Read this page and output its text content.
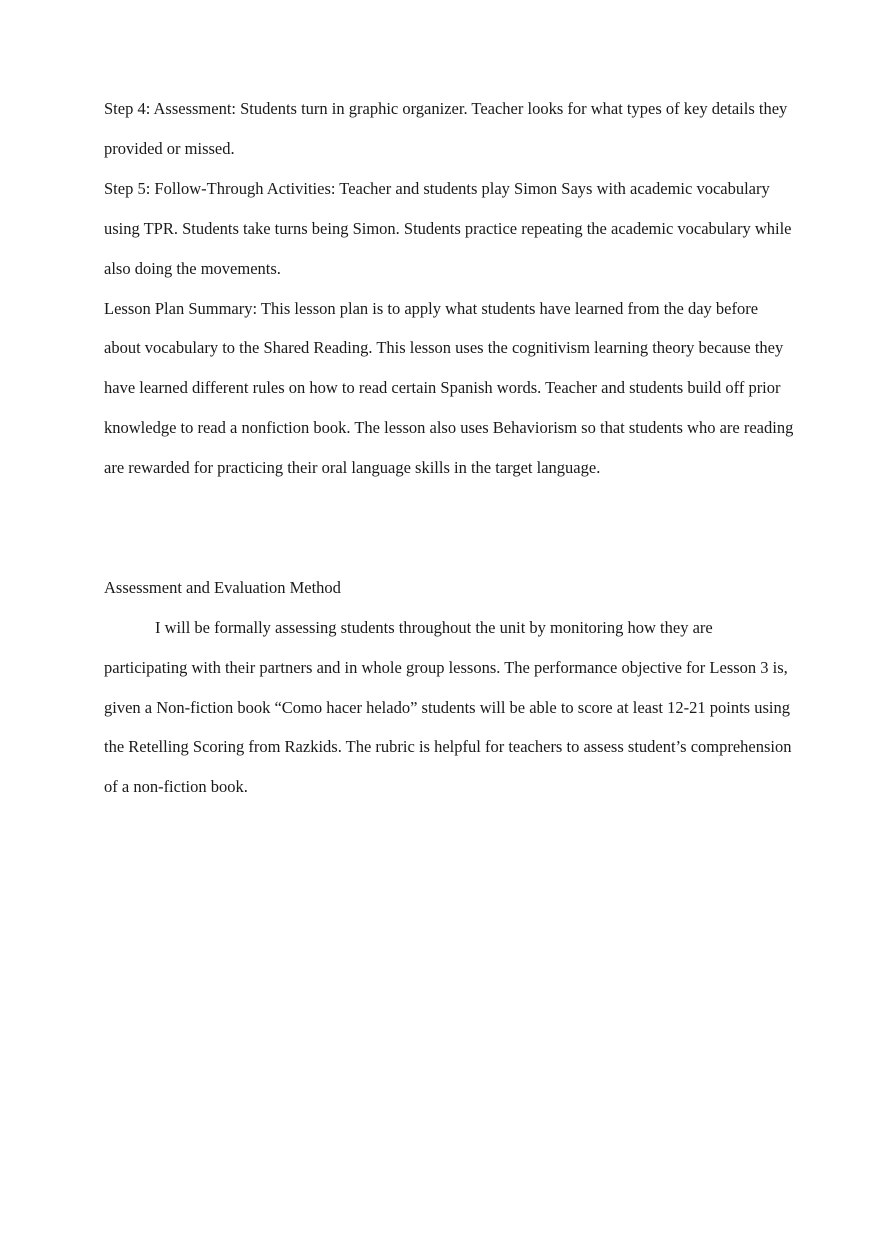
Step 4: Assessment: Students turn in graphic organizer. Teacher looks for what types of key details they provided or missed.

Step 5: Follow-Through Activities: Teacher and students play Simon Says with academic vocabulary using TPR. Students take turns being Simon. Students practice repeating the academic vocabulary while also doing the movements.

Lesson Plan Summary: This lesson plan is to apply what students have learned from the day before about vocabulary to the Shared Reading. This lesson uses the cognitivism learning theory because they have learned different rules on how to read certain Spanish words. Teacher and students build off prior knowledge to read a nonfiction book. The lesson also uses Behaviorism so that students who are reading are rewarded for practicing their oral language skills in the target language.

Assessment and Evaluation Method

I will be formally assessing students throughout the unit by monitoring how they are participating with their partners and in whole group lessons. The performance objective for Lesson 3 is, given a Non-fiction book “Como hacer helado” students will be able to score at least 12-21 points using the Retelling Scoring from Razkids. The rubric is helpful for teachers to assess student’s comprehension of a non-fiction book.
